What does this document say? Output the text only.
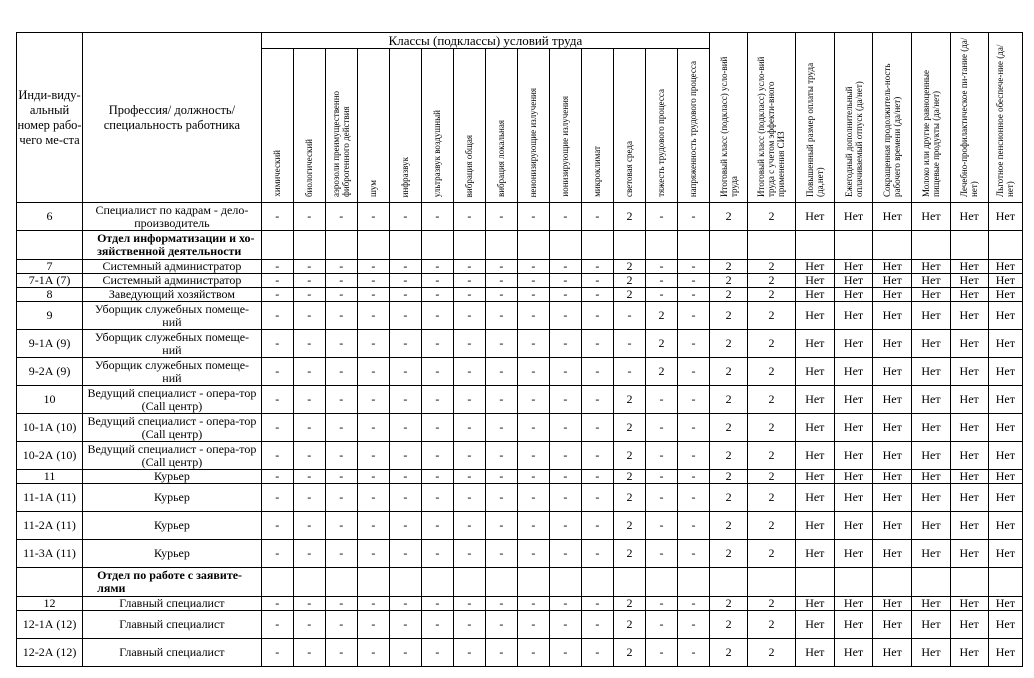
Инди-виду-альный номер рабо-чего ме-ста	Профессия/ должность/ специальность работника	Классы (подклассы) условий труда														Итоговый класс (подкласс) усло-вий труда	Итоговый класс (подкласс) усло-вий труда с учетом эффекти-вного применения СИЗ	Повышенный размер оплаты труда (да,нет)	Ежегодный дополнительный оплачиваемый отпуск (да/нет)	Сокращенная продолжитель-ность рабочего времени (да/нет)	Молоко или другие равноценные пищевые продукты (да/нет)	Лечебно-профилактическое пи-тание (да/нет)	Льготное пенсионное обеспече-ние (да/нет)
		химический	биологический	аэрозоли преимущественно фиброгенного действия	шум	инфразвук	ультразвук воздушный	вибрация общая	вибрация локальная	неионизирующие излучения	ионизирующие излучения	микроклимат	световая среда	тяжесть трудового процесса	напряженность трудового процесса								
6	Специалист по кадрам - дело-производитель	-	-	-	-	-	-	-	-	-	-	-	2	-	-	2	2	Нет	Нет	Нет	Нет	Нет	Нет
	Отдел информатизации и хо-зяйственной деятельности																						
7	Системный администратор	-	-	-	-	-	-	-	-	-	-	-	2	-	-	2	2	Нет	Нет	Нет	Нет	Нет	Нет
7-1А (7)	Системный администратор	-	-	-	-	-	-	-	-	-	-	-	2	-	-	2	2	Нет	Нет	Нет	Нет	Нет	Нет
8	Заведующий хозяйством	-	-	-	-	-	-	-	-	-	-	-	2	-	-	2	2	Нет	Нет	Нет	Нет	Нет	Нет
9	Уборщик служебных помеще-ний	-	-	-	-	-	-	-	-	-	-	-	-	2	-	2	2	Нет	Нет	Нет	Нет	Нет	Нет
9-1А (9)	Уборщик служебных помеще-ний	-	-	-	-	-	-	-	-	-	-	-	-	2	-	2	2	Нет	Нет	Нет	Нет	Нет	Нет
9-2А (9)	Уборщик служебных помеще-ний	-	-	-	-	-	-	-	-	-	-	-	-	2	-	2	2	Нет	Нет	Нет	Нет	Нет	Нет
10	Ведущий специалист - опера-тор (Call центр)	-	-	-	-	-	-	-	-	-	-	-	2	-	-	2	2	Нет	Нет	Нет	Нет	Нет	Нет
10-1А (10)	Ведущий специалист - опера-тор (Call центр)	-	-	-	-	-	-	-	-	-	-	-	2	-	-	2	2	Нет	Нет	Нет	Нет	Нет	Нет
10-2А (10)	Ведущий специалист - опера-тор (Call центр)	-	-	-	-	-	-	-	-	-	-	-	2	-	-	2	2	Нет	Нет	Нет	Нет	Нет	Нет
11	Курьер	-	-	-	-	-	-	-	-	-	-	-	2	-	-	2	2	Нет	Нет	Нет	Нет	Нет	Нет
11-1А (11)	Курьер	-	-	-	-	-	-	-	-	-	-	-	2	-	-	2	2	Нет	Нет	Нет	Нет	Нет	Нет
11-2А (11)	Курьер	-	-	-	-	-	-	-	-	-	-	-	2	-	-	2	2	Нет	Нет	Нет	Нет	Нет	Нет
11-3А (11)	Курьер	-	-	-	-	-	-	-	-	-	-	-	2	-	-	2	2	Нет	Нет	Нет	Нет	Нет	Нет
	Отдел по работе с заявите-лями																						
12	Главный специалист	-	-	-	-	-	-	-	-	-	-	-	2	-	-	2	2	Нет	Нет	Нет	Нет	Нет	Нет
12-1А (12)	Главный специалист	-	-	-	-	-	-	-	-	-	-	-	2	-	-	2	2	Нет	Нет	Нет	Нет	Нет	Нет
12-2А (12)	Главный специалист	-	-	-	-	-	-	-	-	-	-	-	2	-	-	2	2	Нет	Нет	Нет	Нет	Нет	Нет
